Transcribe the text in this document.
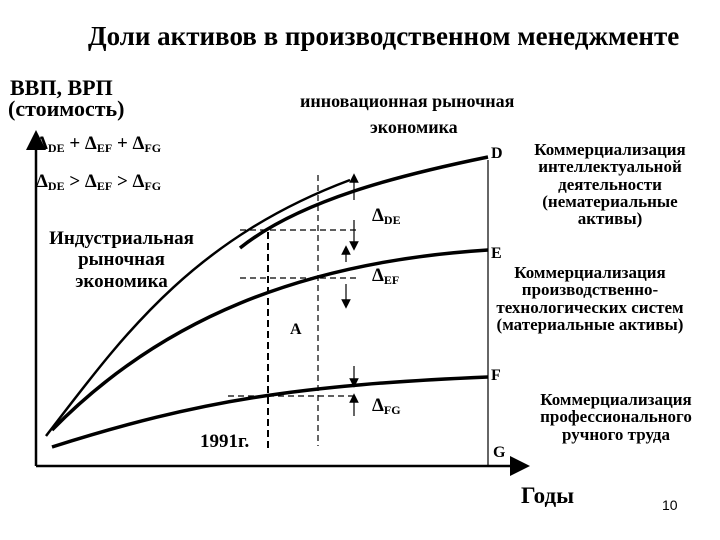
Доли активов в производственном менеджменте
ВВП, ВРП
(стоимость)	инновационная рыночная
экономика
$\Delta_{DE} + \Delta_{EF} + \Delta_{FG}$
$\Delta_{DE} > \Delta_{EF} > \Delta_{FG}$
Индустриальная рыночная экономика
D
E
F
G
A
$\Delta_{DE}$
$\Delta_{EF}$
$\Delta_{FG}$
1991г.
Годы	10
Коммерциализация интеллектуальной деятельности (нематериальные активы)
Коммерциализация производственно-технологических систем (материальные активы)
Коммерциализация профессионального ручного труда
